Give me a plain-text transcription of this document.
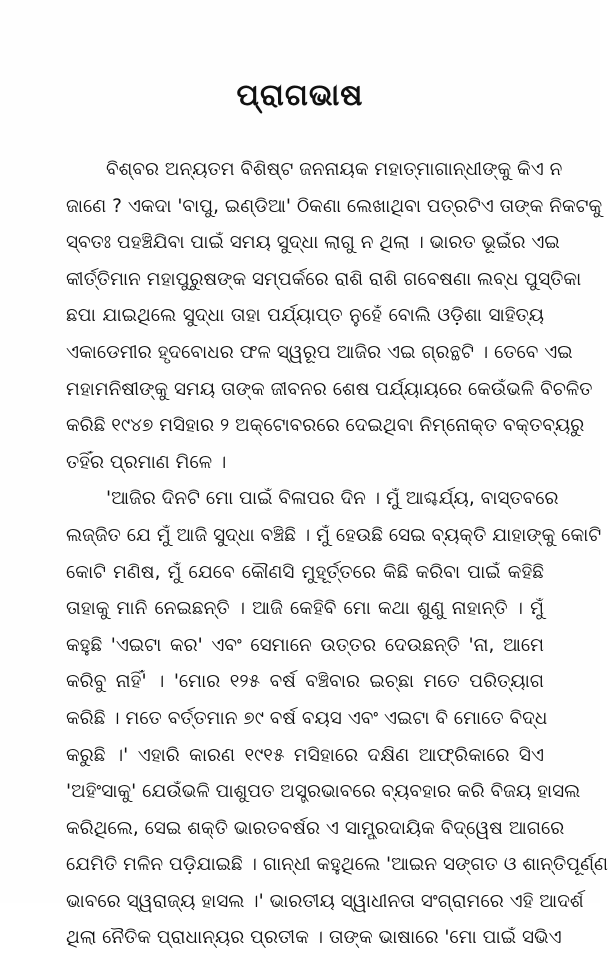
ପ୍ରାଗଭାଷ
ବିଶ୍ବର ଅନ୍ୟତମ ବିଶିଷ୍ଟ ଜନନାୟକ ମହାତ୍ମାଗାନ୍ଧୀଙ୍କୁ କିଏ ନ
ଜାଣେ ? ଏକଦା 'ବାପୁ, ଇଣ୍ଡିଆ' ଠିକଣା ଲେଖାଥିବା ପତ୍ରଟିଏ ତାଙ୍କ ନିକଟକୁ
ସ୍ବତଃ ପହଞ୍ଚିଯିବା ପାଇଁ ସମୟ ସୁଦ୍ଧା ଲାଗୁ ନ ଥିଲା । ଭାରତ ଭୂଇଁର ଏଇ
କୀର୍ତ୍ତିମାନ ମହାପୁରୁଷଙ୍କ ସମ୍ପର୍କରେ ରାଶି ରାଶି ଗବେଷଣା ଲବ୍ଧ ପୁସ୍ତିକା
ଛପା ଯାଇଥିଲେ ସୁଦ୍ଧା ତାହା ପର୍ଯ୍ୟାପ୍ତ ନୁହେଁ ବୋଲି ଓଡ଼ିଶା ସାହିତ୍ୟ
ଏକାଡେମୀର ହୃଦବୋଧର ଫଳ ସ୍ୱରୂପ ଆଜିର ଏଇ ଗ୍ରନ୍ଥଟି । ତେବେ ଏଇ
ମହାମନିଷୀଙ୍କୁ ସମୟ ତାଙ୍କ ଜୀବନର ଶେଷ ପର୍ଯ୍ୟାୟରେ କେଉଁଭଳି ବିଚଳିତ
କରିଛି ୧୯୪୭ ମସିହାର ୨ ଅକ୍ଟୋବରରେ ଦେଇଥିବା ନିମ୍ନୋକ୍ତ ବକ୍ତବ୍ୟରୁ
ତହିଁର ପ୍ରମାଣ ମିଳେ ।
'ଆଜିର ଦିନଟି ମୋ ପାଇଁ ବିଳାପର ଦିନ । ମୁଁ ଆଶ୍ଚର୍ଯ୍ୟ, ବାସ୍ତବରେ
ଲଜ୍ଜିତ ଯେ ମୁଁ ଆଜି ସୁଦ୍ଧା ବଞ୍ଚିଛି । ମୁଁ ହେଉଛି ସେଇ ବ୍ୟକ୍ତି ଯାହାଙ୍କୁ କୋଟି
କୋଟି ମଣିଷ, ମୁଁ ଯେବେ କୌଣସି ମୁହୂର୍ତ୍ତରେ କିଛି କରିବା ପାଇଁ କହିଛି
ତାହାକୁ ମାନି ନେଇଛନ୍ତି । ଆଜି କେହିବି ମୋ କଥା ଶୁଣୁ ନାହାନ୍ତି । ମୁଁ
କହୁଛି 'ଏଇଟା କର' ଏବଂ ସେମାନେ ଉତ୍ତର ଦେଉଛନ୍ତି 'ନା, ଆମେ
କରିବୁ ନାହିଁ' । 'ମୋର ୧୨୫ ବର୍ଷ ବଞ୍ଚିବାର ଇଚ୍ଛା ମତେ ପରିତ୍ୟାଗ
କରିଛି । ମତେ ବର୍ତ୍ତମାନ ୭୯ ବର୍ଷ ବୟସ ଏବଂ ଏଇଟା ବି ମୋତେ ବିଦ୍ଧ
କରୁଛି ।' ଏହାରି କାରଣ ୧୯୧୫ ମସିହାରେ ଦକ୍ଷିଣ ଆଫ୍ରିକାରେ ସିଏ
'ଅହିଂସାକୁ' ଯେଉଁଭଳି ପାଶୁପତ ଅସ୍ତ୍ରଭାବରେ ବ୍ୟବହାର କରି ବିଜୟ ହାସଲ
କରିଥିଲେ, ସେଇ ଶକ୍ତି ଭାରତବର୍ଷର ଏ ସାମ୍ପ୍ରଦାୟିକ ବିଦ୍ୱେଷ ଆଗରେ
ଯେମିତି ମଳିନ ପଡ଼ିଯାଇଛି । ଗାନ୍ଧୀ କହୁଥିଲେ 'ଆଇନ ସଙ୍ଗତ ଓ ଶାନ୍ତିପୂର୍ଣ୍ଣ
ଭାବରେ ସ୍ୱରାଜ୍ୟ ହାସଲ ।' ଭାରତୀୟ ସ୍ୱାଧୀନତା ସଂଗ୍ରାମରେ ଏହି ଆଦର୍ଶ
ଥିଲା ନୈତିକ ପ୍ରାଧାନ୍ୟର ପ୍ରତୀକ । ତାଙ୍କ ଭାଷାରେ 'ମୋ ପାଇଁ ସଭିଏ
